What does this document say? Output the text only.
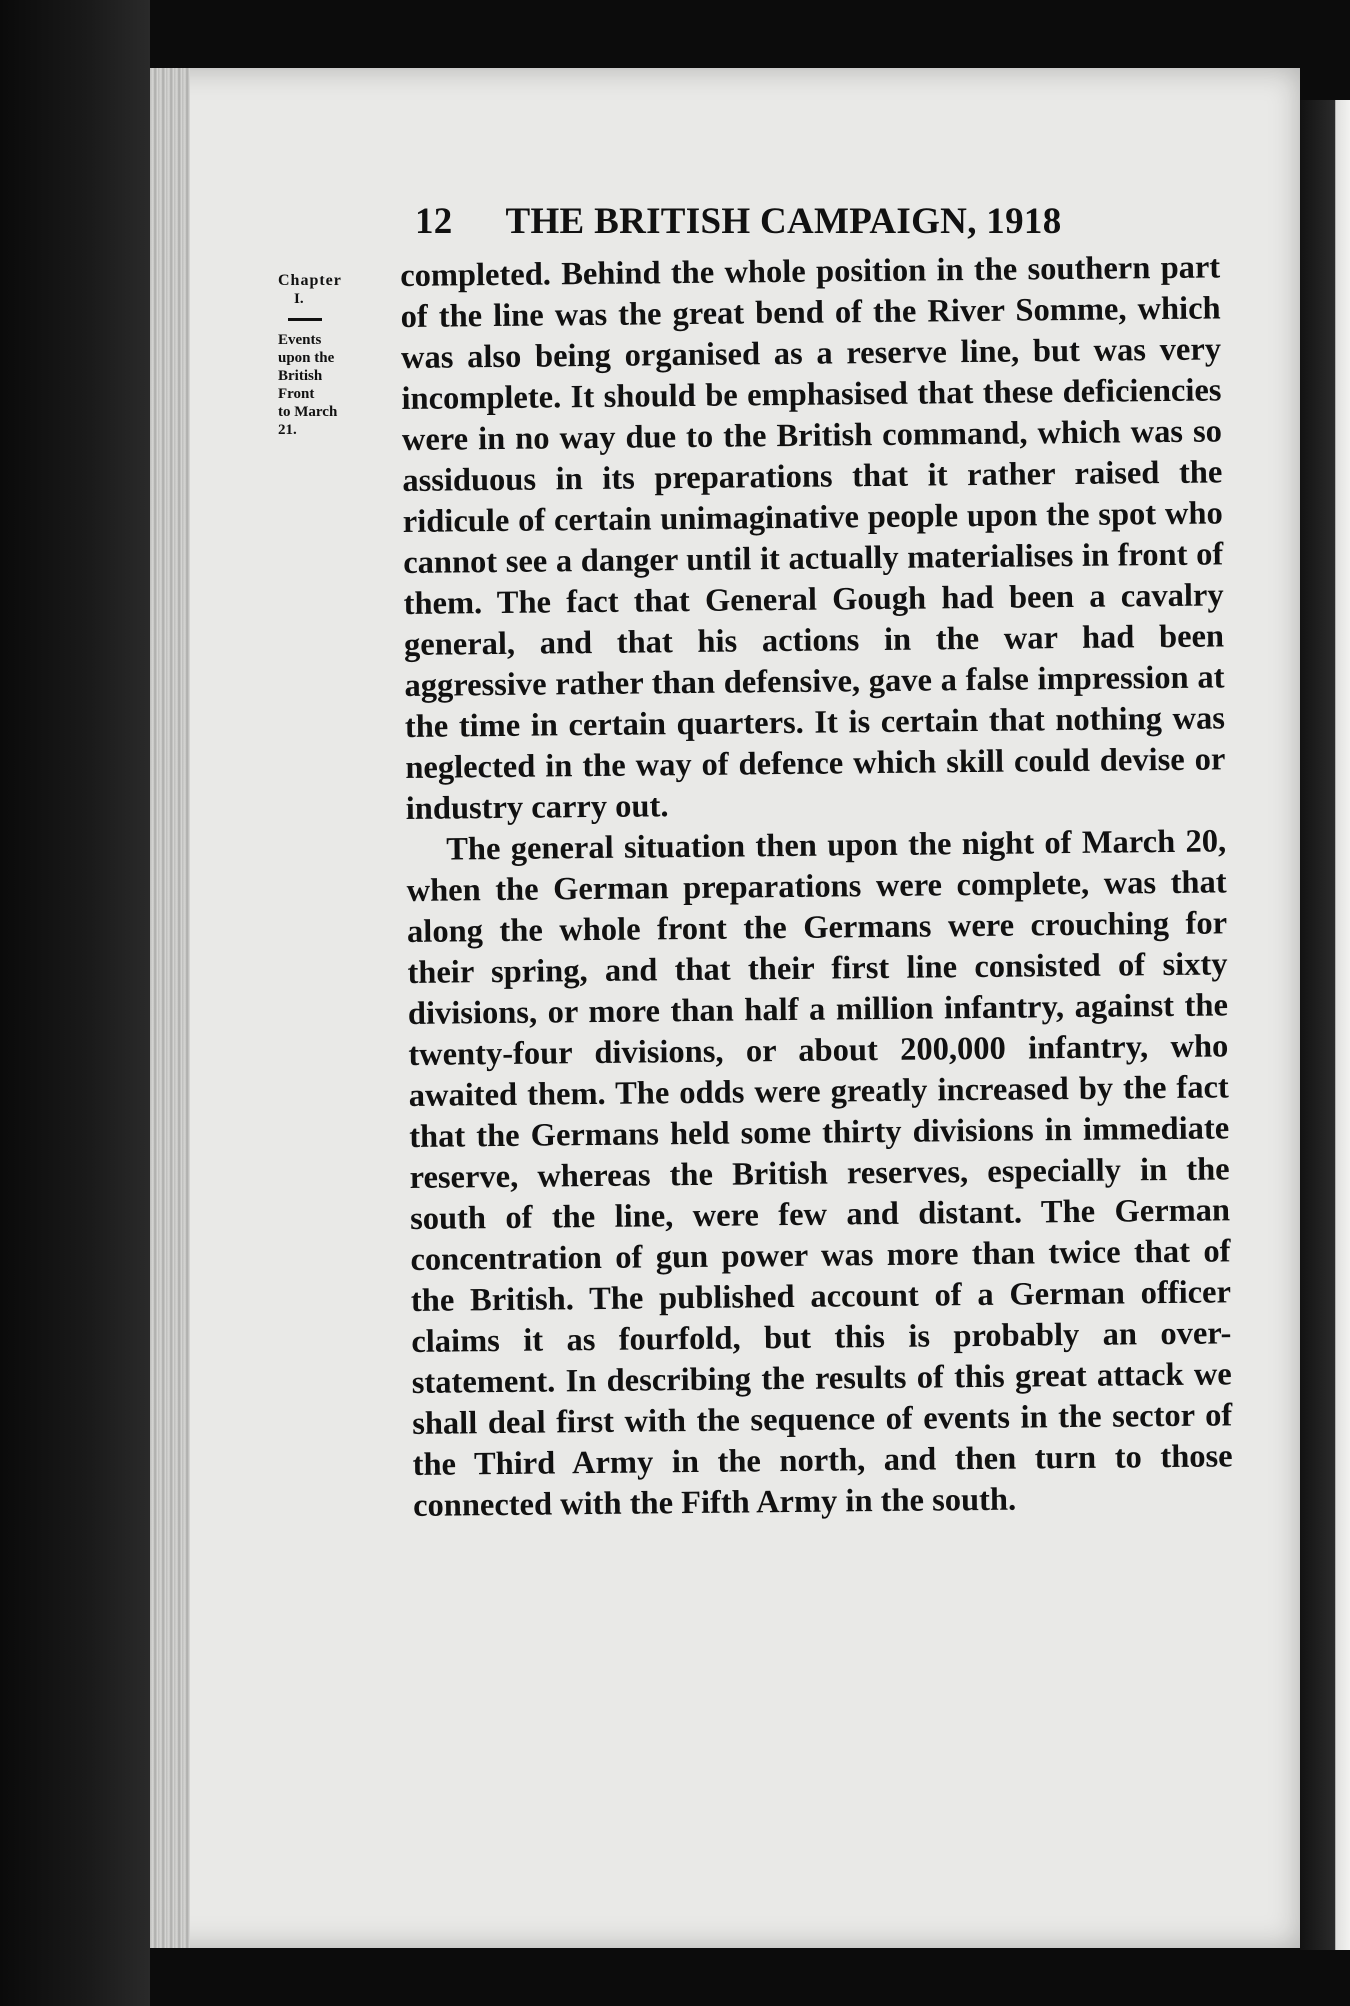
12 THE BRITISH CAMPAIGN, 1918
Chapter
I.
Events
upon the
British
Front
to March
21.

completed. Behind the whole position in the southern part of the line was the great bend of the River Somme, which was also being organised as a reserve line, but was very incomplete. It should be emphasised that these deficiencies were in no way due to the British command, which was so assiduous in its preparations that it rather raised the ridicule of certain unimaginative people upon the spot who cannot see a danger until it actually materialises in front of them. The fact that General Gough had been a cavalry general, and that his actions in the war had been aggressive rather than defensive, gave a false impression at the time in certain quarters. It is certain that nothing was neglected in the way of defence which skill could devise or industry carry out.

The general situation then upon the night of March 20, when the German preparations were complete, was that along the whole front the Germans were crouching for their spring, and that their first line consisted of sixty divisions, or more than half a million infantry, against the twenty-four divisions, or about 200,000 infantry, who awaited them. The odds were greatly increased by the fact that the Germans held some thirty divisions in immediate reserve, whereas the British reserves, especially in the south of the line, were few and distant. The German concentration of gun power was more than twice that of the British. The published account of a German officer claims it as fourfold, but this is probably an over-statement. In describing the results of this great attack we shall deal first with the sequence of events in the sector of the Third Army in the north, and then turn to those connected with the Fifth Army in the south.
